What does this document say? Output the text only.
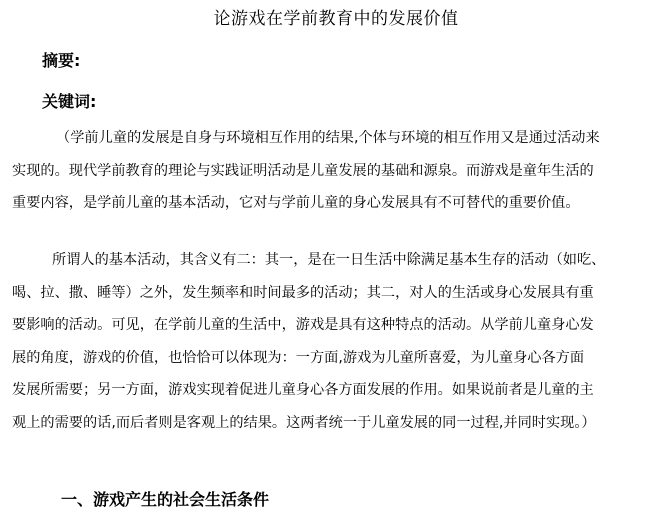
论游戏在学前教育中的发展价值
摘要:
关键词:
（学前儿童的发展是自身与环境相互作用的结果,个体与环境的相互作用又是通过活动来
实现的。现代学前教育的理论与实践证明活动是儿童发展的基础和源泉。而游戏是童年生活的
重要内容，是学前儿童的基本活动，它对与学前儿童的身心发展具有不可替代的重要价值。
所谓人的基本活动，其含义有二：其一，是在一日生活中除满足基本生存的活动（如吃、
喝、拉、撒、睡等）之外，发生频率和时间最多的活动；其二，对人的生活或身心发展具有重
要影响的活动。可见，在学前儿童的生活中，游戏是具有这种特点的活动。从学前儿童身心发
展的角度，游戏的价值，也恰恰可以体现为：一方面,游戏为儿童所喜爱，为儿童身心各方面
发展所需要；另一方面，游戏实现着促进儿童身心各方面发展的作用。如果说前者是儿童的主
观上的需要的话,而后者则是客观上的结果。这两者统一于儿童发展的同一过程,并同时实现。）
一、游戏产生的社会生活条件
